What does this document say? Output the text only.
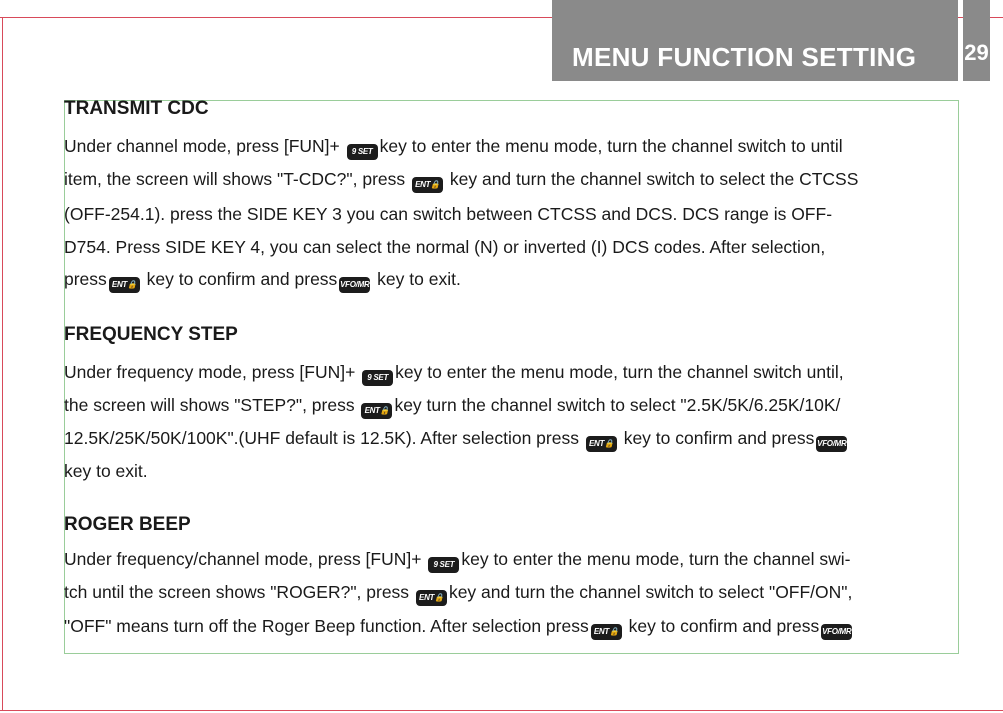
MENU FUNCTION SETTING 29
TRANSMIT CDC
Under channel mode, press [FUN]+ 9 SET key to enter the menu mode, turn the channel switch to until
item, the screen will shows "T-CDC?", press ENT🔒 key and turn the channel switch to select the CTCSS
(OFF-254.1). press the SIDE KEY 3 you can switch between CTCSS and DCS. DCS range is OFF-
D754. Press SIDE KEY 4, you can select the normal (N) or inverted (I) DCS codes. After selection,
press ENT🔒 key to confirm and press VFO/MR key to exit.
FREQUENCY STEP
Under frequency mode, press [FUN]+ 9 SET key to enter the menu mode, turn the channel switch until,
the screen will shows "STEP?", press ENT🔒 key turn the channel switch to select "2.5K/5K/6.25K/10K/
12.5K/25K/50K/100K".(UHF default is 12.5K). After selection press ENT🔒 key to confirm and press VFO/MR
key to exit.
ROGER BEEP
Under frequency/channel mode, press [FUN]+ 9 SET key to enter the menu mode, turn the channel swi-
tch until the screen shows "ROGER?", press ENT🔒 key and turn the channel switch to select "OFF/ON",
"OFF" means turn off the Roger Beep function. After selection press ENT🔒 key to confirm and press VFO/MR
